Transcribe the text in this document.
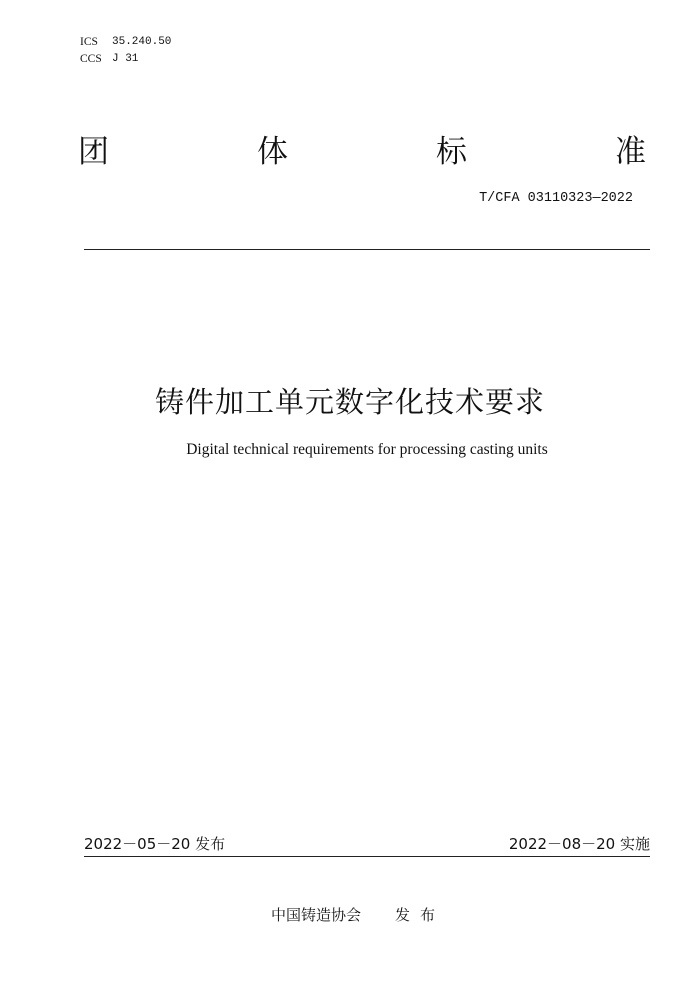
ICS	35.240.50
CCS J 31
团	体	标	准
T/CFA 03110323—2022
铸件加工单元数字化技术要求
Digital technical requirements for processing casting units
2022－05－20 发布	2022－08－20 实施
中国铸造协会 发布
